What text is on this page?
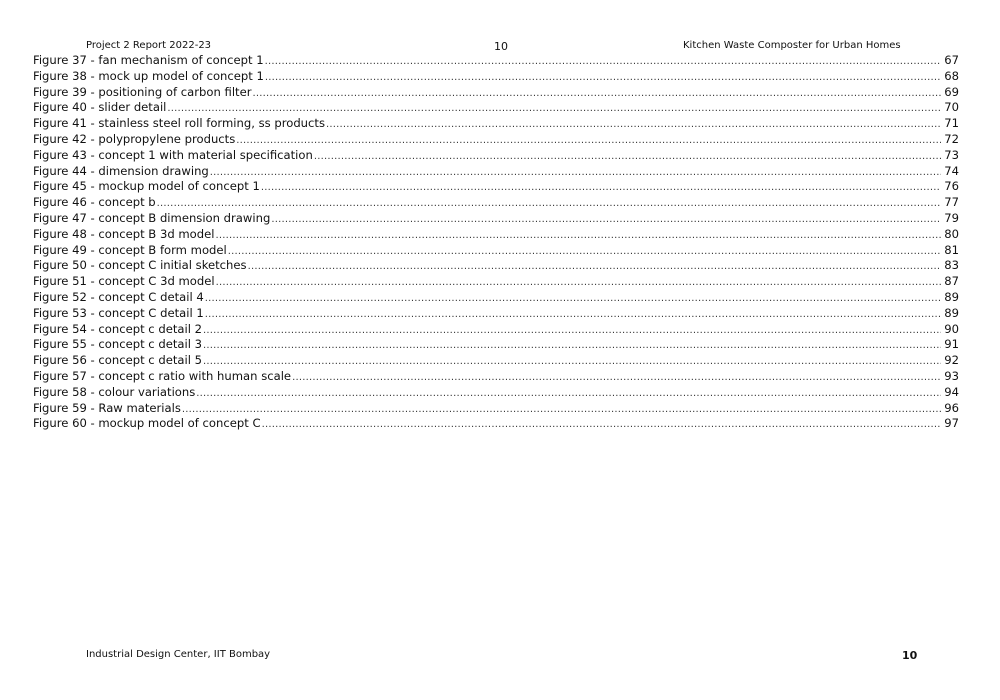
Project 2 Report 2022-23	10	Kitchen Waste Composter for Urban Homes
Figure 37 - fan mechanism of concept 1 .....	67
Figure 38 - mock up model of concept 1 .....	68
Figure 39 - positioning of carbon filter .....	69
Figure 40 - slider detail .....	70
Figure 41 - stainless steel roll forming, ss products .....	71
Figure 42 - polypropylene products .....	72
Figure 43 - concept 1 with material specification .....	73
Figure 44 - dimension drawing .....	74
Figure 45 - mockup model of concept 1 .....	76
Figure 46 - concept b .....	77
Figure 47 - concept B dimension drawing .....	79
Figure 48 - concept B 3d model .....	80
Figure 49 - concept B form model .....	81
Figure 50 - concept C initial sketches .....	83
Figure 51 - concept C 3d model .....	87
Figure 52 - concept C detail 4 .....	89
Figure 53 - concept C detail 1 .....	89
Figure 54 - concept c detail 2 .....	90
Figure 55 - concept c detail 3 .....	91
Figure 56 - concept c detail 5 .....	92
Figure 57 - concept c ratio with human scale .....	93
Figure 58 - colour variations .....	94
Figure 59 - Raw materials .....	96
Figure 60 - mockup model of concept C .....	97
Industrial Design Center, IIT Bombay	10
